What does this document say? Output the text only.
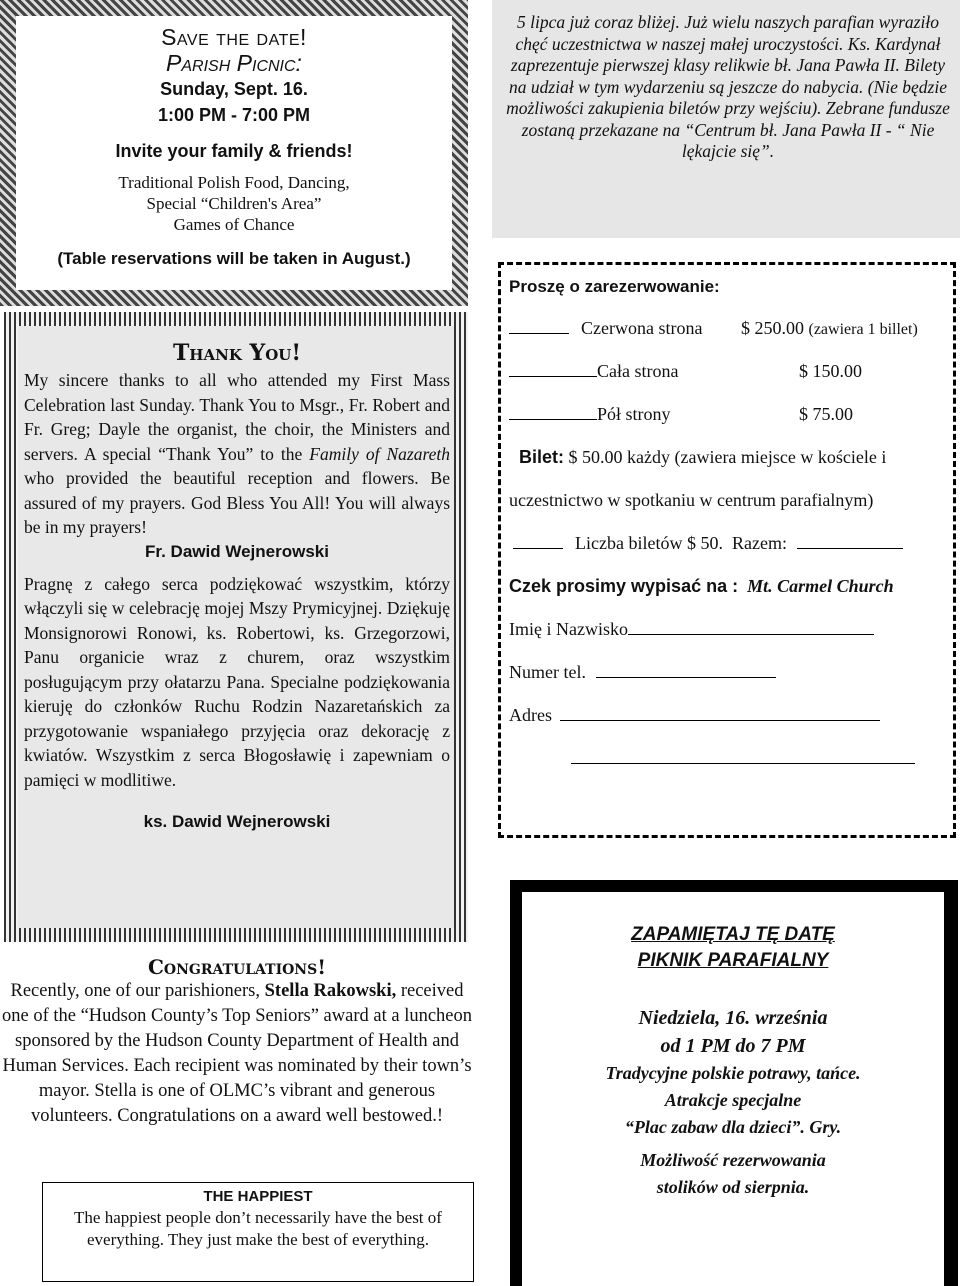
Save the date!
Parish Picnic:
Sunday, Sept. 16.
1:00 PM - 7:00 PM
Invite your family & friends!
Traditional Polish Food, Dancing,
Special “Children's Area”
Games of Chance
(Table reservations will be taken in August.)
Thank You!

My sincere thanks to all who attended my First Mass Celebration last Sunday. Thank You to Msgr., Fr. Robert and Fr. Greg; Dayle the organist, the choir, the Ministers and servers. A special “Thank You” to the Family of Nazareth who provided the beautiful reception and flowers. Be assured of my prayers. God Bless You All! You will always be in my prayers!

Fr. Dawid Wejnerowski

Pragnę z całego serca podziękować wszystkim, którzy włączyli się w celebrację mojej Mszy Prymicyjnej. Dziękuję Monsignorowi Ronowi, ks. Robertowi, ks. Grzegorzowi, Panu organicie wraz z churem, oraz wszystkim posługującym przy ołatarzu Pana. Specialne podziękowania kieruję do członków Ruchu Rodzin Nazaretańskich za przygotowanie wspaniałego przyjęcia oraz dekorację z kwiatów. Wszystkim z serca Błogosławię i zapewniam o pamięci w modlitiwe.

ks. Dawid Wejnerowski
Congratulations!

Recently, one of our parishioners, Stella Rakowski, received one of the “Hudson County’s Top Seniors” award at a luncheon sponsored by the Hudson County Department of Health and Human Services. Each recipient was nominated by their town’s mayor. Stella is one of OLMC’s vibrant and generous volunteers. Congratulations on a award well bestowed.!

THE HAPPIEST

The happiest people don’t necessarily have the best of everything. They just make the best of everything.

5 lipca już coraz bliżej. Już wielu naszych parafian wyraziło chęć uczestnictwa w naszej małej uroczystości. Ks. Kardynał zaprezentuje pierwszej klasy relikwie bł. Jana Pawła II. Bilety na udział w tym wydarzeniu są jeszcze do nabycia. (Nie będzie możliwości zakupienia biletów przy wejściu). Zebrane fundusze zostaną przekazane na “Centrum bł. Jana Pawła II - “ Nie lękajcie się”.

Proszę o zarezerwowanie:
Czerwona strona $ 250.00 (zawiera 1 billet)
Cała strona	$ 150.00
Pół strony	$ 75.00
Bilet: $ 50.00 każdy (zawiera miejsce w kościele i
uczestnictwo w spotkaniu w centrum parafialnym)
Liczba biletów $ 50. Razem:
Czek prosimy wypisać na : Mt. Carmel Church
Imię i Nazwisko
Numer tel.
Adres
ZAPAMIĘTAJ TĘ DATĘ
PIKNIK PARAFIALNY
Niedziela, 16. września
od 1 PM do 7 PM
Tradycyjne polskie potrawy, tańce.
Atrakcje specjalne
“Plac zabaw dla dzieci”. Gry.
Możliwość rezerwowania
stolików od sierpnia.
